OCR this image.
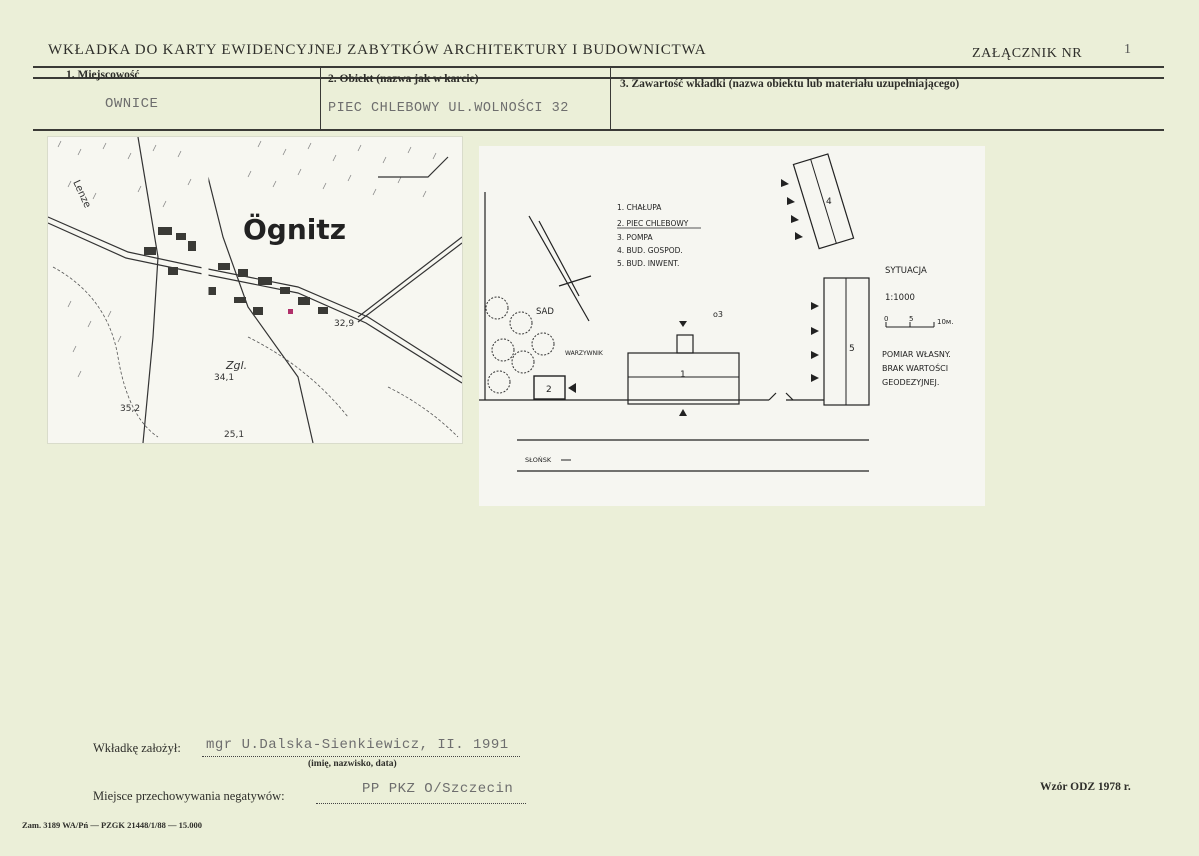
WKŁADKA DO KARTY EWIDENCYJNEJ ZABYTKÓW ARCHITEKTURY I BUDOWNICTWA	ZAŁĄCZNIK NR	1
1. Miejscowość
OWNICE
2. Obiekt (nazwa jak w karcie)
PIEC CHLEBOWY UL.WOLNOŚCI 32
3. Zawartość wkładki (nazwa obiektu lub materiału uzupełniającego)
Ögnitz
Lenze
Zgl.
32,9
34,1
35,2
25,1
1. CHAŁUPA
2. PIEC CHLEBOWY
3. POMPA
4. BUD. GOSPOD.
5. BUD. INWENT.
SYTUACJA
1:1000
0	5	10м.
POMIAR WŁASNY.
BRAK WARTOŚCI
GEODEZYJNEJ.
SAD
WARZYWNIK
SŁOŃSK
o3
1
2
4
5
Wkładkę założył: mgr U.Dalska-Sienkiewicz, II. 1991
(imię, nazwisko, data)
Miejsce przechowywania negatywów:	PP PKZ O/Szczecin	Wzór ODZ 1978 r.
Zam. 3189 WA/Pń — PZGK 21448/1/88 — 15.000
